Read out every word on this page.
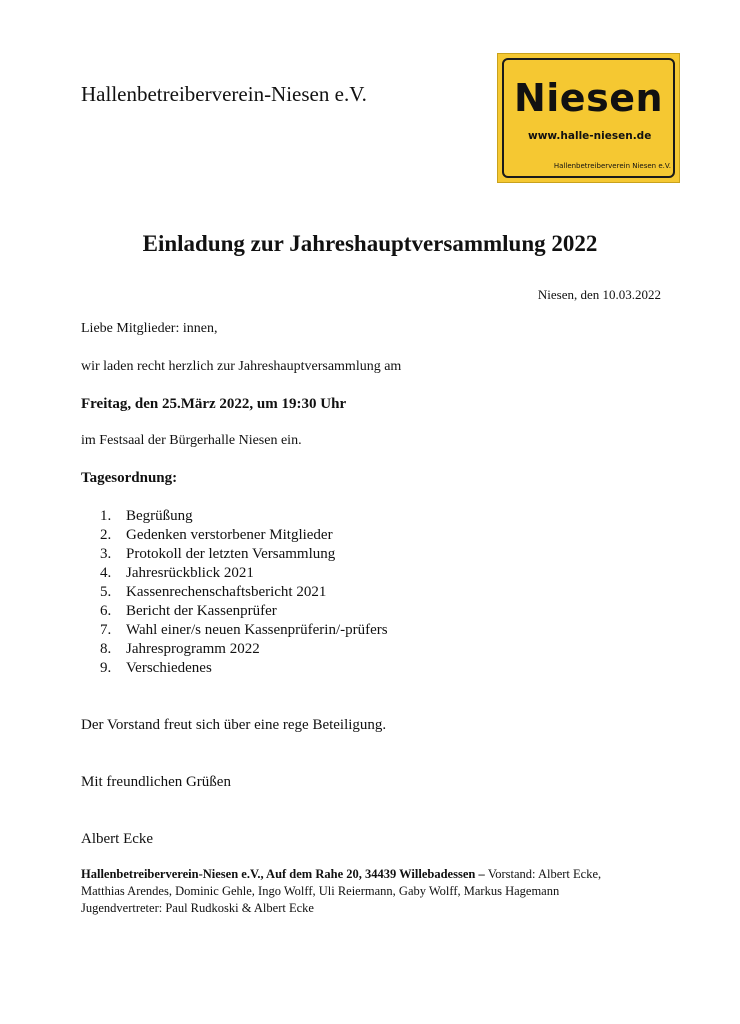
Hallenbetreiberverein-Niesen e.V.	Niesen
www.halle-niesen.de
Hallenbetreiberverein Niesen e.V.
Einladung zur Jahreshauptversammlung 2022
Niesen, den 10.03.2022
Liebe Mitglieder: innen,
wir laden recht herzlich zur Jahreshauptversammlung am
Freitag, den 25.März 2022, um 19:30 Uhr
im Festsaal der Bürgerhalle Niesen ein.
Tagesordnung:
1. Begrüßung
2. Gedenken verstorbener Mitglieder
3. Protokoll der letzten Versammlung
4. Jahresrückblick 2021
5. Kassenrechenschaftsbericht 2021
6. Bericht der Kassenprüfer
7. Wahl einer/s neuen Kassenprüferin/-prüfers
8. Jahresprogramm 2022
9. Verschiedenes
Der Vorstand freut sich über eine rege Beteiligung.
Mit freundlichen Grüßen
Albert Ecke
Hallenbetreiberverein-Niesen e.V., Auf dem Rahe 20, 34439 Willebadessen – Vorstand: Albert Ecke,
Matthias Arendes, Dominic Gehle, Ingo Wolff, Uli Reiermann, Gaby Wolff, Markus Hagemann
Jugendvertreter: Paul Rudkoski & Albert Ecke
